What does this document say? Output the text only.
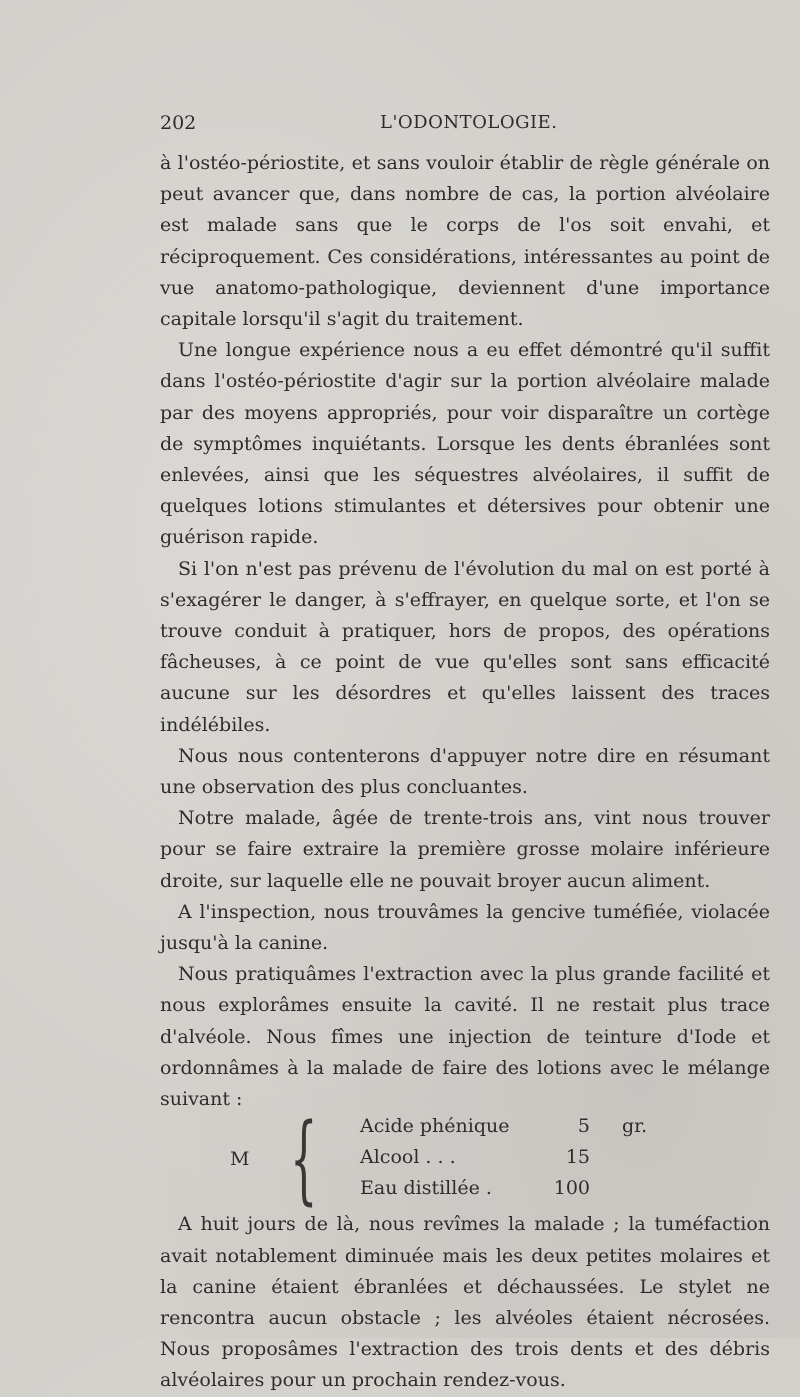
202	L'ODONTOLOGIE.

à l'ostéo-périostite, et sans vouloir établir de règle générale on peut avancer que, dans nombre de cas, la portion alvéolaire est malade sans que le corps de l'os soit envahi, et réciproquement. Ces considérations, intéressantes au point de vue anatomo-pathologique, deviennent d'une importance capitale lorsqu'il s'agit du traitement.

Une longue expérience nous a eu effet démontré qu'il suffit dans l'ostéo-périostite d'agir sur la portion alvéolaire malade par des moyens appropriés, pour voir disparaître un cortège de symptômes inquiétants. Lorsque les dents ébranlées sont enlevées, ainsi que les séquestres alvéolaires, il suffit de quelques lotions stimulantes et détersives pour obtenir une guérison rapide.

Si l'on n'est pas prévenu de l'évolution du mal on est porté à s'exagérer le danger, à s'effrayer, en quelque sorte, et l'on se trouve conduit à pratiquer, hors de propos, des opérations fâcheuses, à ce point de vue qu'elles sont sans efficacité aucune sur les désordres et qu'elles laissent des traces indélébiles.

Nous nous contenterons d'appuyer notre dire en résumant une observation des plus concluantes.

Notre malade, âgée de trente-trois ans, vint nous trouver pour se faire extraire la première grosse molaire inférieure droite, sur laquelle elle ne pouvait broyer aucun aliment.

A l'inspection, nous trouvâmes la gencive tuméfiée, violacée jusqu'à la canine.

Nous pratiquâmes l'extraction avec la plus grande facilité et nous explorâmes ensuite la cavité. Il ne restait plus trace d'alvéole. Nous fîmes une injection de teinture d'Iode et ordonnâmes à la malade de faire des lotions avec le mélange suivant :

M { Acide phénique	5 gr.
Alcool . . .	15
Eau distillée .	100

A huit jours de là, nous revîmes la malade ; la tuméfaction avait notablement diminuée mais les deux petites molaires et la canine étaient ébranlées et déchaussées. Le stylet ne rencontra aucun obstacle ; les alvéoles étaient nécrosées. Nous proposâmes l'extraction des trois dents et des débris alvéolaires pour un prochain rendez-vous.
